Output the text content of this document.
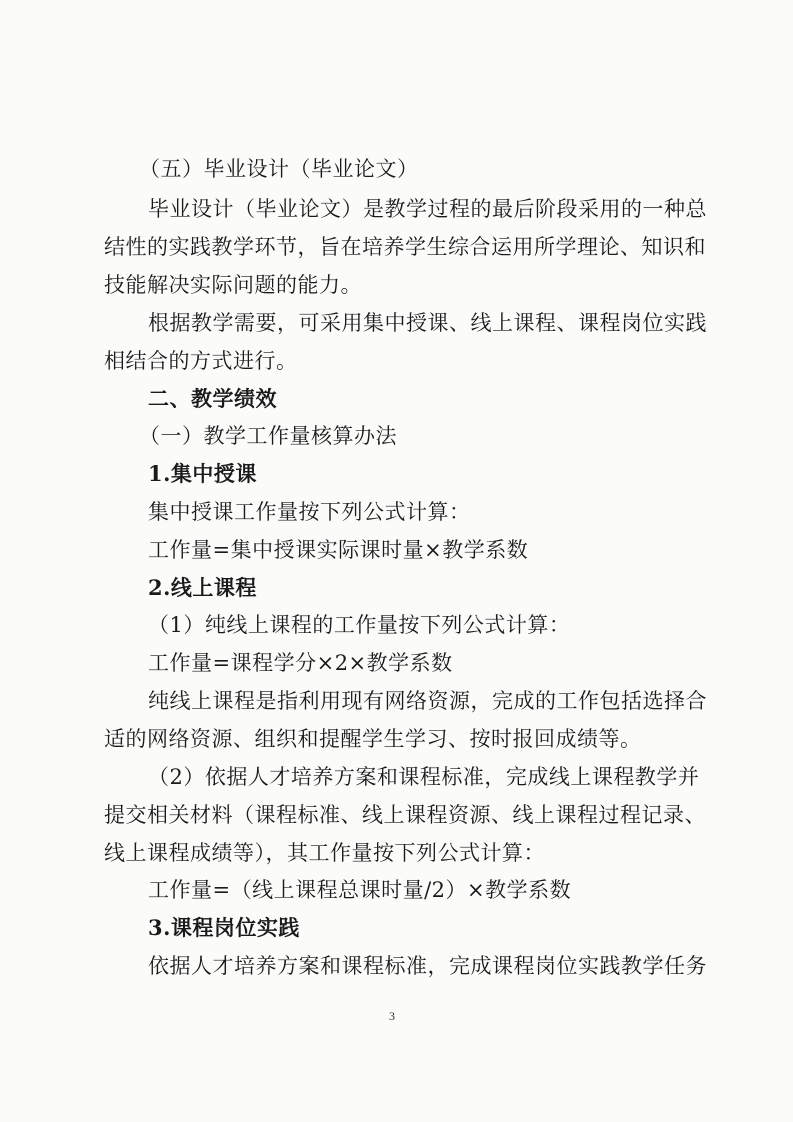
（五）毕业设计（毕业论文）
毕业设计（毕业论文）是教学过程的最后阶段采用的一种总
结性的实践教学环节，旨在培养学生综合运用所学理论、知识和
技能解决实际问题的能力。
根据教学需要，可采用集中授课、线上课程、课程岗位实践
相结合的方式进行。
二、教学绩效
（一）教学工作量核算办法
1.集中授课
集中授课工作量按下列公式计算：
工作量=集中授课实际课时量×教学系数
2.线上课程
（1）纯线上课程的工作量按下列公式计算：
工作量=课程学分×2×教学系数
纯线上课程是指利用现有网络资源，完成的工作包括选择合
适的网络资源、组织和提醒学生学习、按时报回成绩等。
（2）依据人才培养方案和课程标准，完成线上课程教学并
提交相关材料（课程标准、线上课程资源、线上课程过程记录、
线上课程成绩等），其工作量按下列公式计算：
工作量=（线上课程总课时量/2）×教学系数
3.课程岗位实践
依据人才培养方案和课程标准，完成课程岗位实践教学任务
3
